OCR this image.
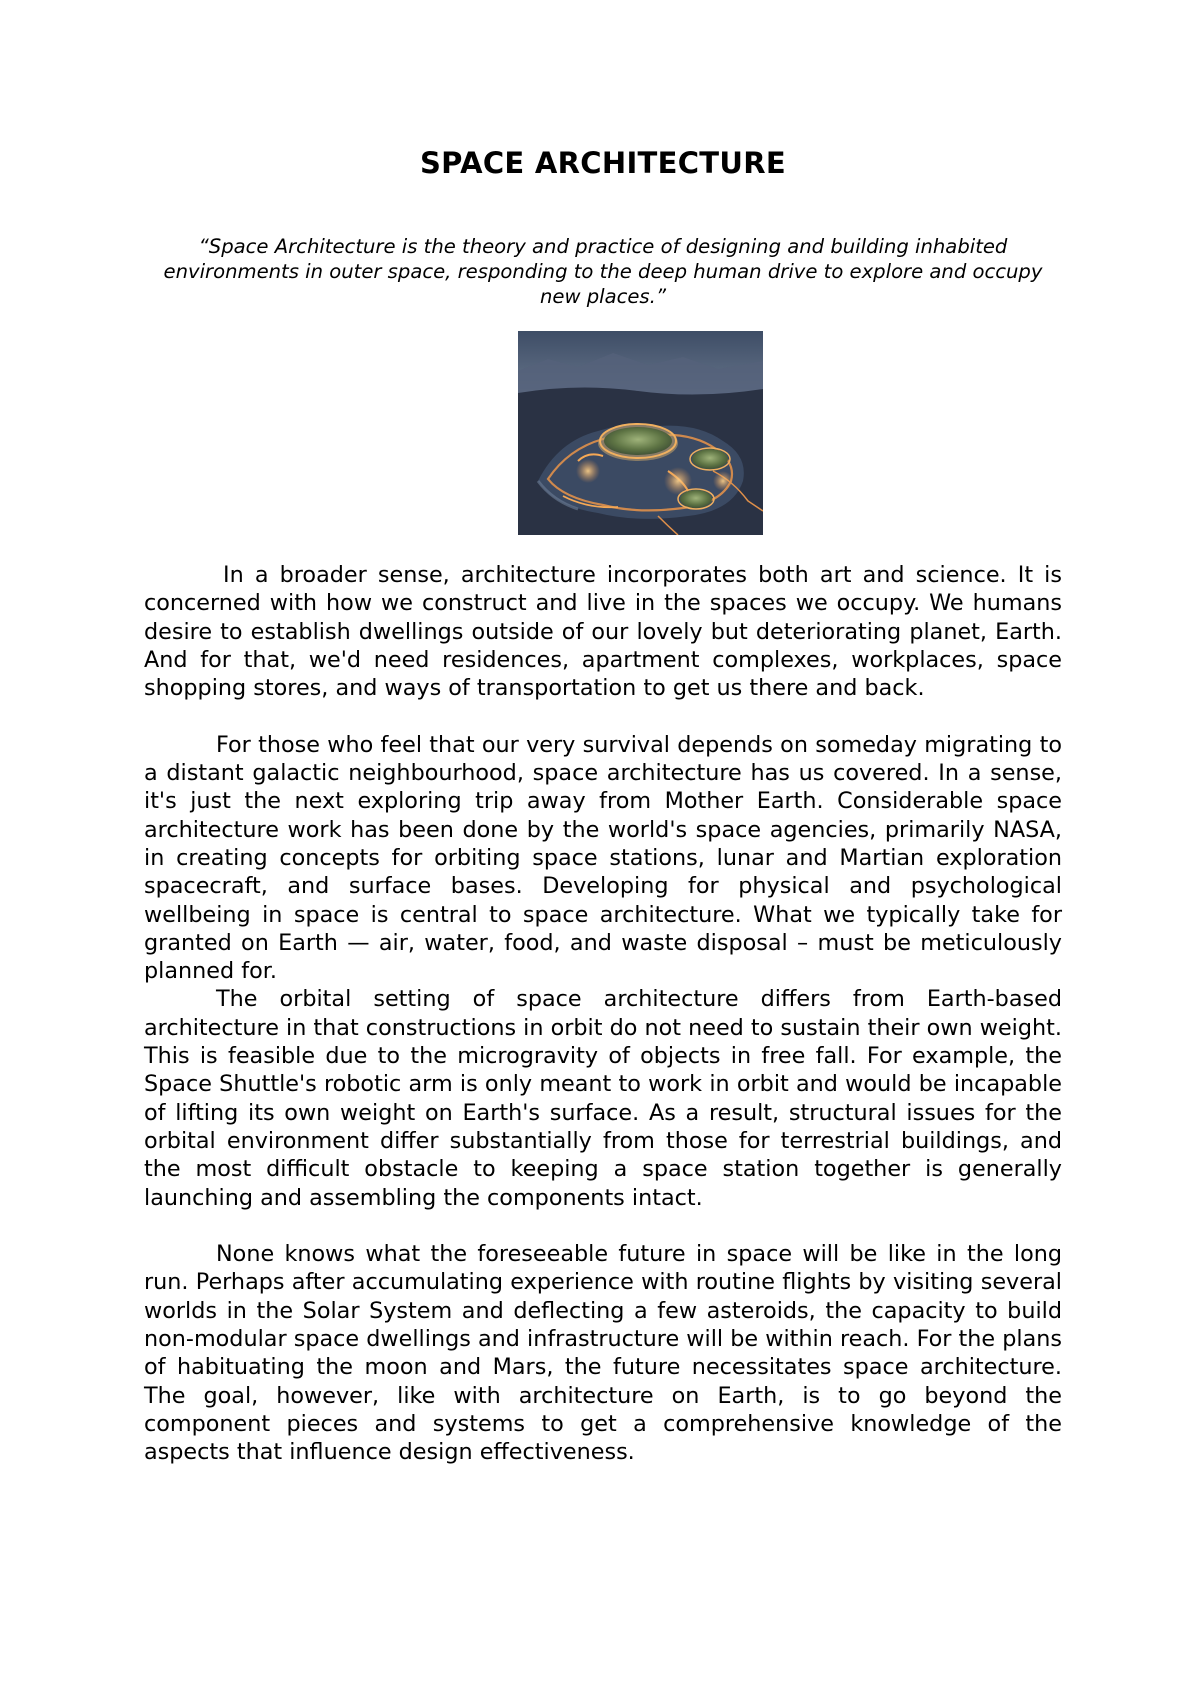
SPACE ARCHITECTURE

“Space Architecture is the theory and practice of designing and building inhabited environments in outer space, responding to the deep human drive to explore and occupy new places.”

In a broader sense, architecture incorporates both art and science. It is concerned with how we construct and live in the spaces we occupy. We humans desire to establish dwellings outside of our lovely but deteriorating planet, Earth. And for that, we'd need residences, apartment complexes, workplaces, space shopping stores, and ways of transportation to get us there and back.

For those who feel that our very survival depends on someday migrating to a distant galactic neighbourhood, space architecture has us covered. In a sense, it's just the next exploring trip away from Mother Earth. Considerable space architecture work has been done by the world's space agencies, primarily NASA, in creating concepts for orbiting space stations, lunar and Martian exploration spacecraft, and surface bases. Developing for physical and psychological wellbeing in space is central to space architecture. What we typically take for granted on Earth — air, water, food, and waste disposal – must be meticulously planned for.

The orbital setting of space architecture differs from Earth-based architecture in that constructions in orbit do not need to sustain their own weight. This is feasible due to the microgravity of objects in free fall. For example, the Space Shuttle's robotic arm is only meant to work in orbit and would be incapable of lifting its own weight on Earth's surface. As a result, structural issues for the orbital environment differ substantially from those for terrestrial buildings, and the most difficult obstacle to keeping a space station together is generally launching and assembling the components intact.

None knows what the foreseeable future in space will be like in the long run. Perhaps after accumulating experience with routine flights by visiting several worlds in the Solar System and deflecting a few asteroids, the capacity to build non-modular space dwellings and infrastructure will be within reach. For the plans of habituating the moon and Mars, the future necessitates space architecture. The goal, however, like with architecture on Earth, is to go beyond the component pieces and systems to get a comprehensive knowledge of the aspects that influence design effectiveness.
